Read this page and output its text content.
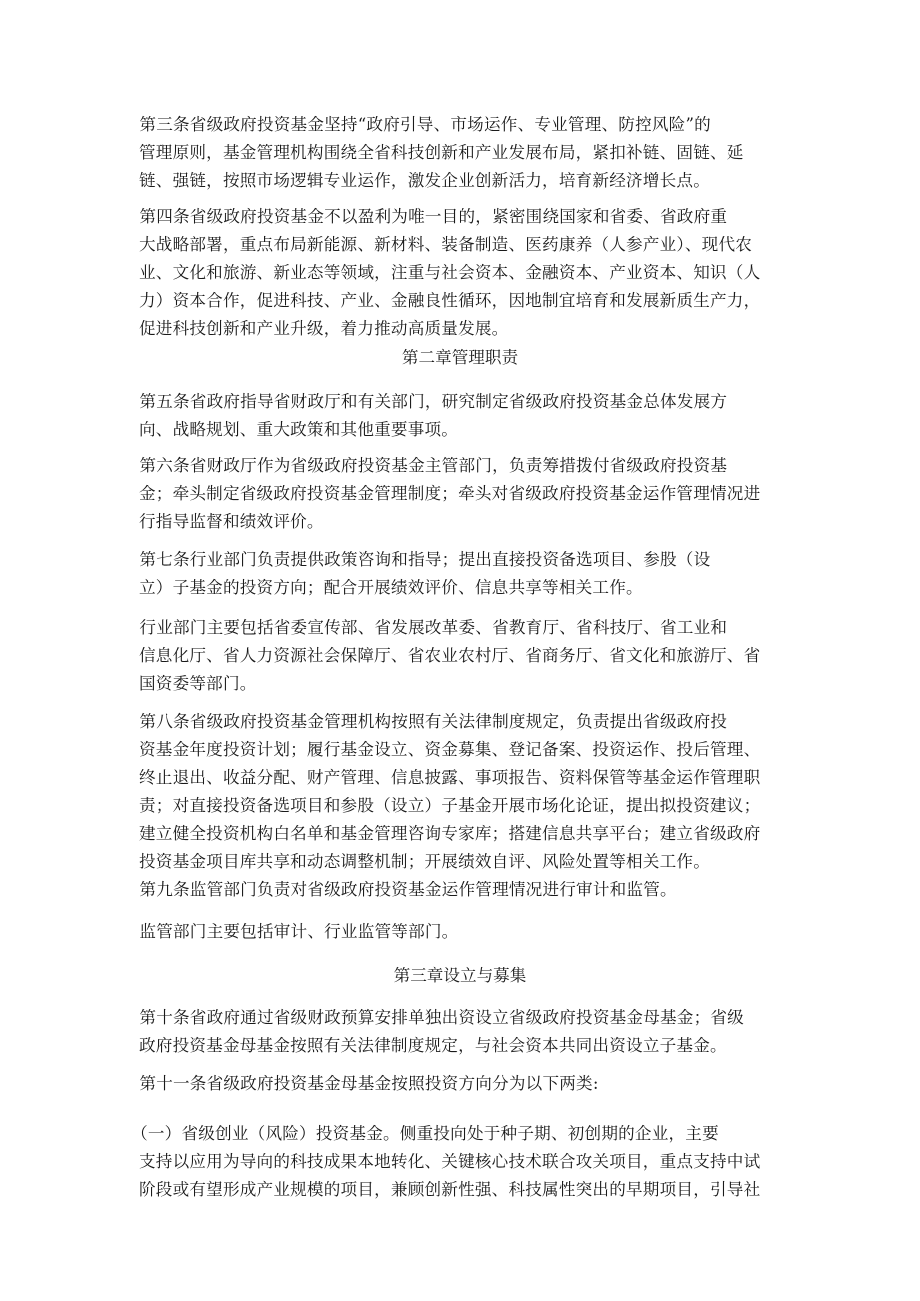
　　第三条省级政府投资基金坚持“政府引导、市场运作、专业管理、防控风险”的
管理原则，基金管理机构围绕全省科技创新和产业发展布局，紧扣补链、固链、延
链、强链，按照市场逻辑专业运作，激发企业创新活力，培育新经济增长点。

　　第四条省级政府投资基金不以盈利为唯一目的，紧密围绕国家和省委、省政府重
大战略部署，重点布局新能源、新材料、装备制造、医药康养（人参产业）、现代农
业、文化和旅游、新业态等领域，注重与社会资本、金融资本、产业资本、知识（人
力）资本合作，促进科技、产业、金融良性循环，因地制宜培育和发展新质生产力，
促进科技创新和产业升级，着力推动高质量发展。

第二章管理职责

　　第五条省政府指导省财政厅和有关部门，研究制定省级政府投资基金总体发展方
向、战略规划、重大政策和其他重要事项。

　　第六条省财政厅作为省级政府投资基金主管部门，负责筹措拨付省级政府投资基
金；牵头制定省级政府投资基金管理制度；牵头对省级政府投资基金运作管理情况进
行指导监督和绩效评价。

　　第七条行业部门负责提供政策咨询和指导；提出直接投资备选项目、参股（设
立）子基金的投资方向；配合开展绩效评价、信息共享等相关工作。

　　行业部门主要包括省委宣传部、省发展改革委、省教育厅、省科技厅、省工业和
信息化厅、省人力资源社会保障厅、省农业农村厅、省商务厅、省文化和旅游厅、省
国资委等部门。

　　第八条省级政府投资基金管理机构按照有关法律制度规定，负责提出省级政府投
资基金年度投资计划；履行基金设立、资金募集、登记备案、投资运作、投后管理、
终止退出、收益分配、财产管理、信息披露、事项报告、资料保管等基金运作管理职
责；对直接投资备选项目和参股（设立）子基金开展市场化论证，提出拟投资建议；
建立健全投资机构白名单和基金管理咨询专家库；搭建信息共享平台；建立省级政府
投资基金项目库共享和动态调整机制；开展绩效自评、风险处置等相关工作。

　　第九条监管部门负责对省级政府投资基金运作管理情况进行审计和监管。

　　监管部门主要包括审计、行业监管等部门。

第三章设立与募集

　　第十条省政府通过省级财政预算安排单独出资设立省级政府投资基金母基金；省级
政府投资基金母基金按照有关法律制度规定，与社会资本共同出资设立子基金。

　　第十一条省级政府投资基金母基金按照投资方向分为以下两类:

　　（一）省级创业（风险）投资基金。侧重投向处于种子期、初创期的企业，主要
支持以应用为导向的科技成果本地转化、关键核心技术联合攻关项目，重点支持中试
阶段或有望形成产业规模的项目，兼顾创新性强、科技属性突出的早期项目，引导社
